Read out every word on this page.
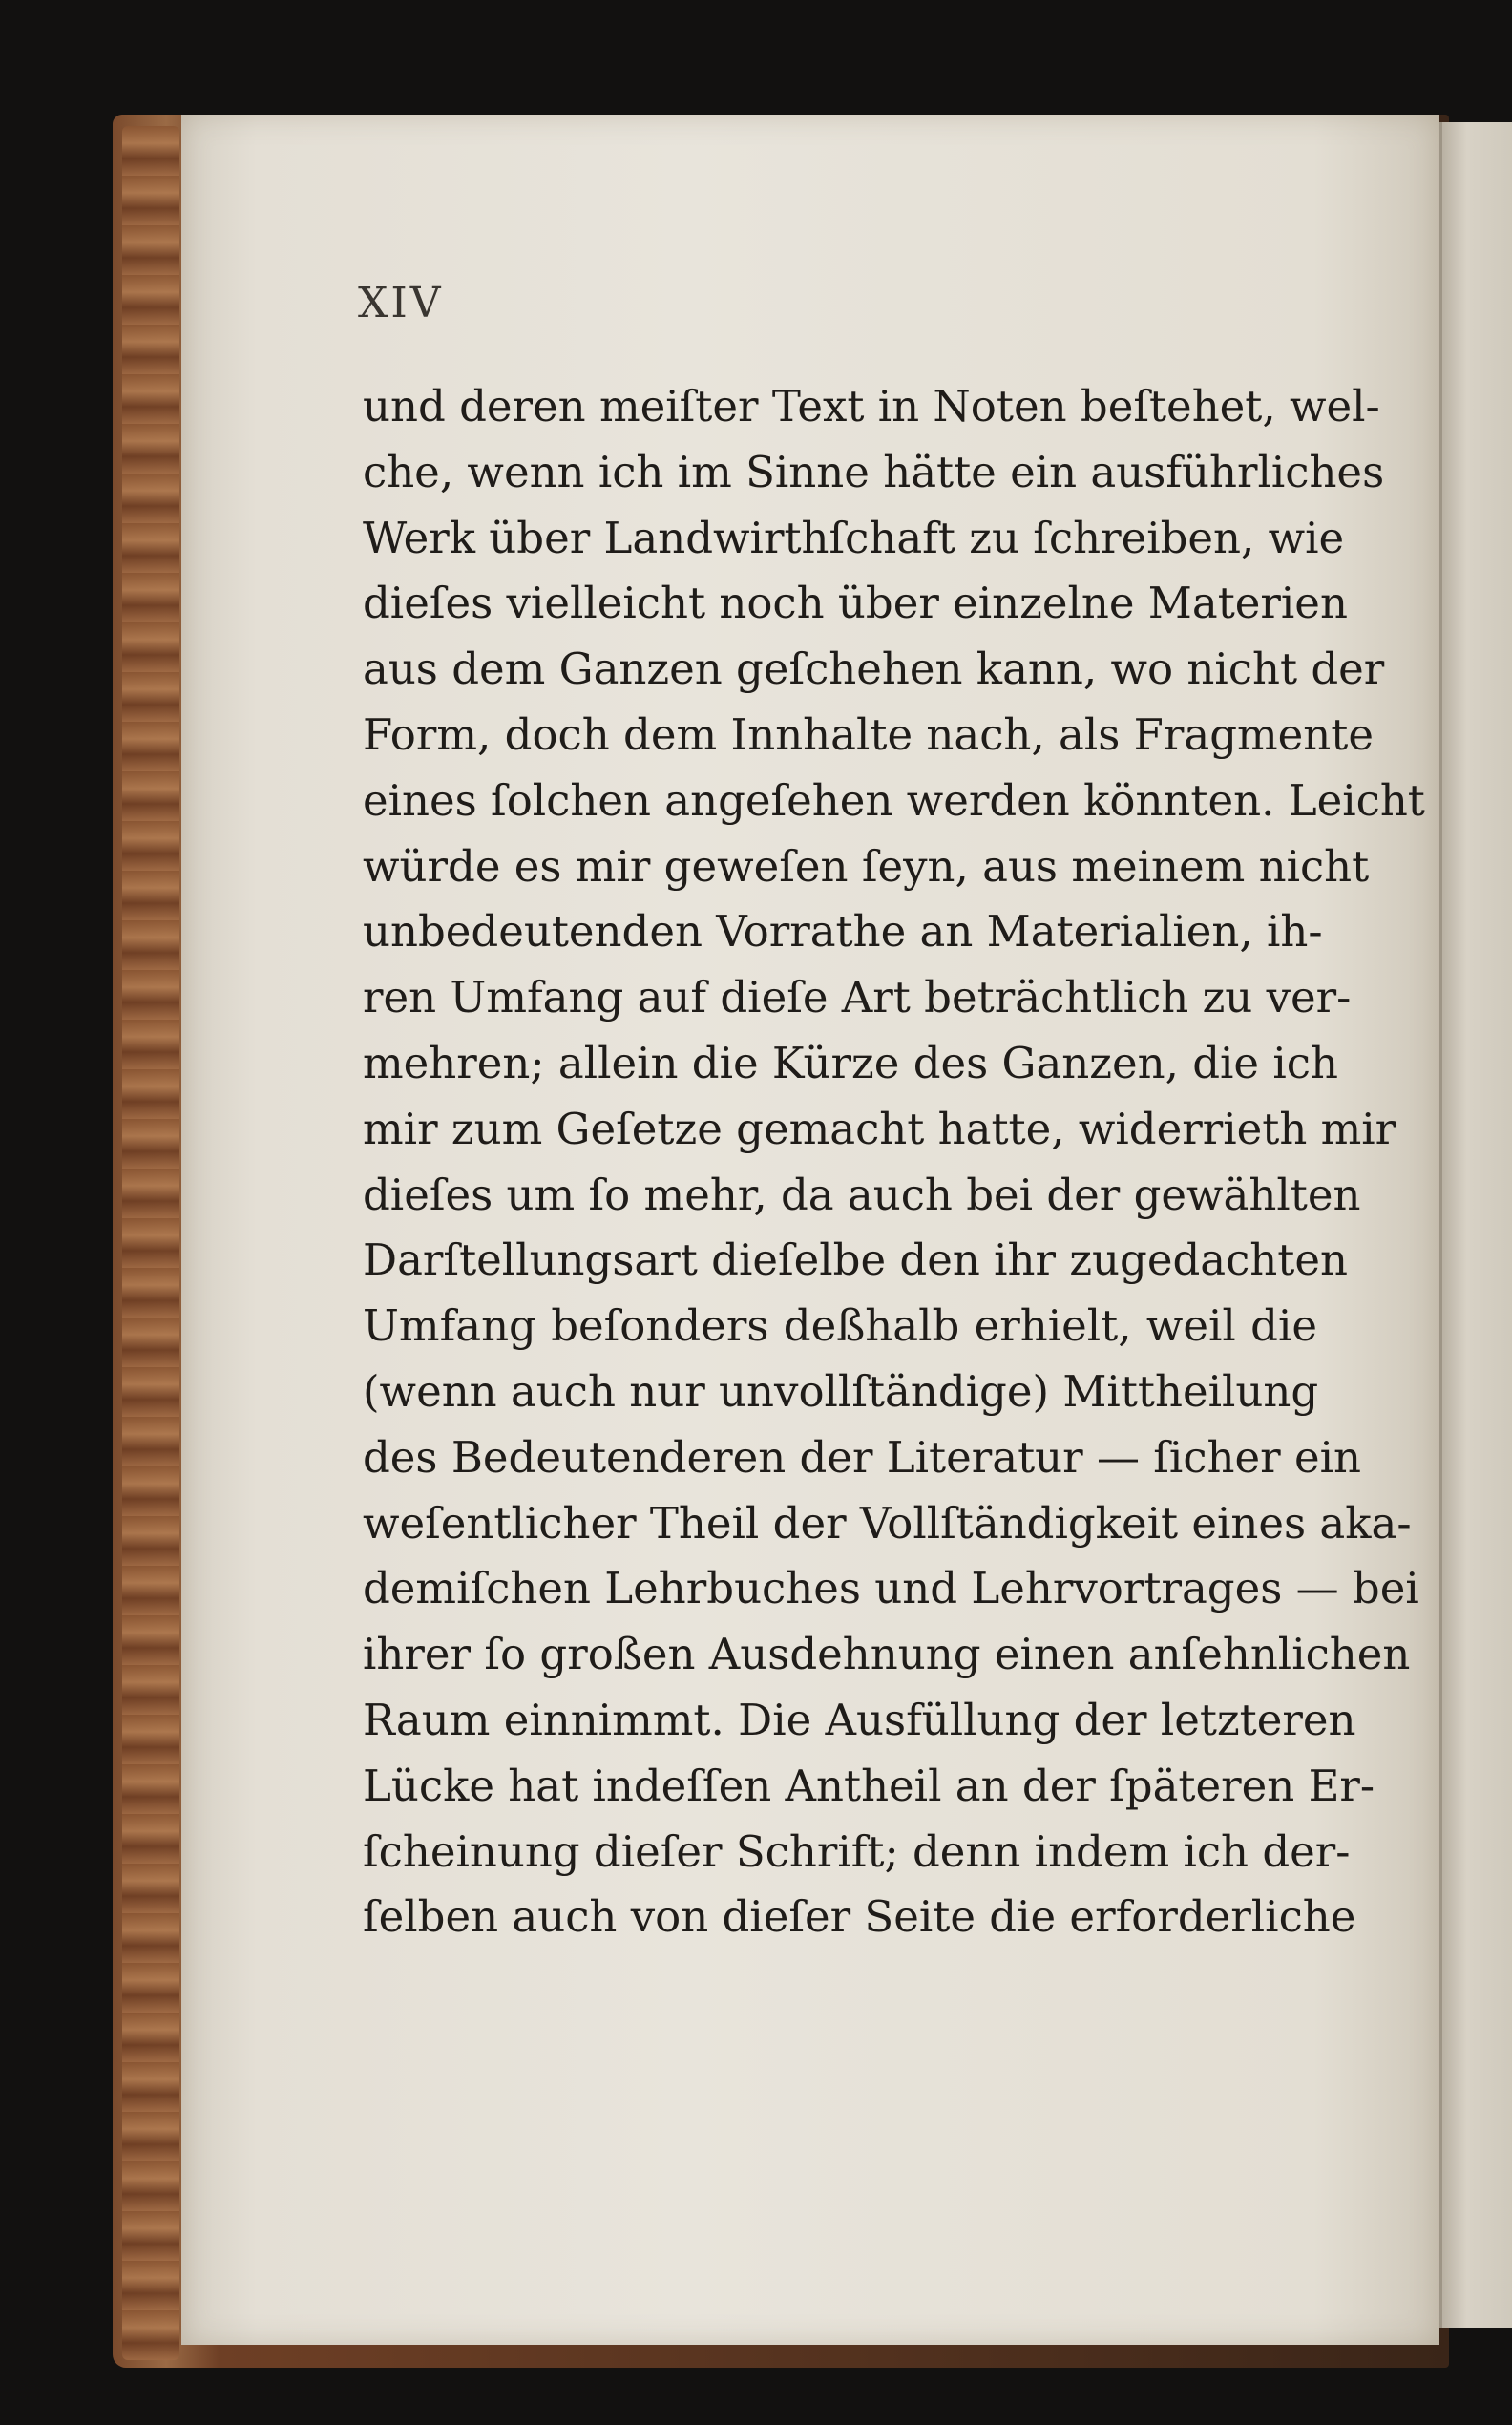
XIV
und deren meiſter Text in Noten beſtehet, wel-
che, wenn ich im Sinne hätte ein ausführliches
Werk über Landwirthſchaft zu ſchreiben, wie
dieſes vielleicht noch über einzelne Materien
aus dem Ganzen geſchehen kann, wo nicht der
Form, doch dem Innhalte nach, als Fragmente
eines ſolchen angeſehen werden könnten. Leicht
würde es mir geweſen ſeyn, aus meinem nicht
unbedeutenden Vorrathe an Materialien, ih-
ren Umfang auf dieſe Art beträchtlich zu ver-
mehren; allein die Kürze des Ganzen, die ich
mir zum Geſetze gemacht hatte, widerrieth mir
dieſes um ſo mehr, da auch bei der gewählten
Darſtellungsart dieſelbe den ihr zugedachten
Umfang beſonders deßhalb erhielt, weil die
(wenn auch nur unvollſtändige) Mittheilung
des Bedeutenderen der Literatur — ſicher ein
weſentlicher Theil der Vollſtändigkeit eines aka-
demiſchen Lehrbuches und Lehrvortrages — bei
ihrer ſo großen Ausdehnung einen anſehnlichen
Raum einnimmt. Die Ausfüllung der letzteren
Lücke hat indeſſen Antheil an der ſpäteren Er-
ſcheinung dieſer Schrift; denn indem ich der-
ſelben auch von dieſer Seite die erforderliche
